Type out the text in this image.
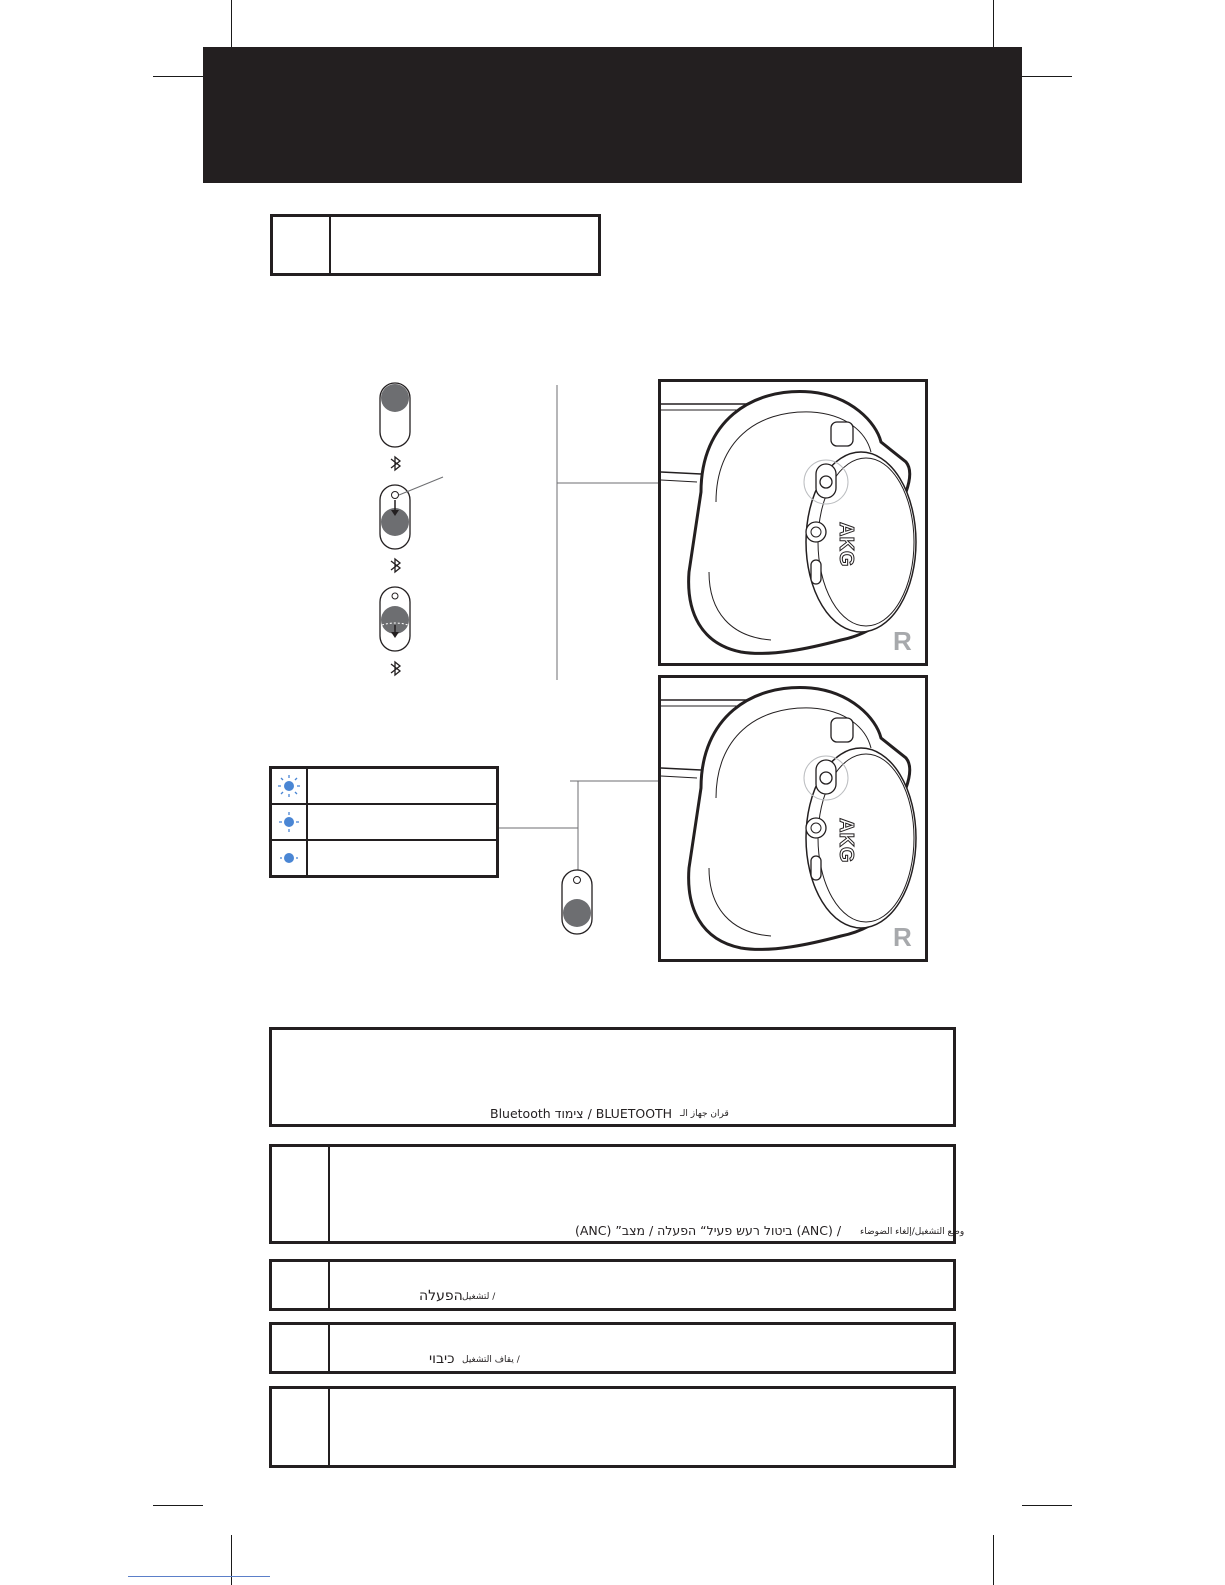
AKG
R
AKG
R
Bluetooth צימוד / BLUETOOTH قران جهاز الـ
(ANC) ”ביטול רעש פעיל“ הפעלה / מצב (ANC) / وضع التشغيل/إلغاء الضوضاء
הפעלה لتشغيل /
כיבוי يقاف التشغيل /
